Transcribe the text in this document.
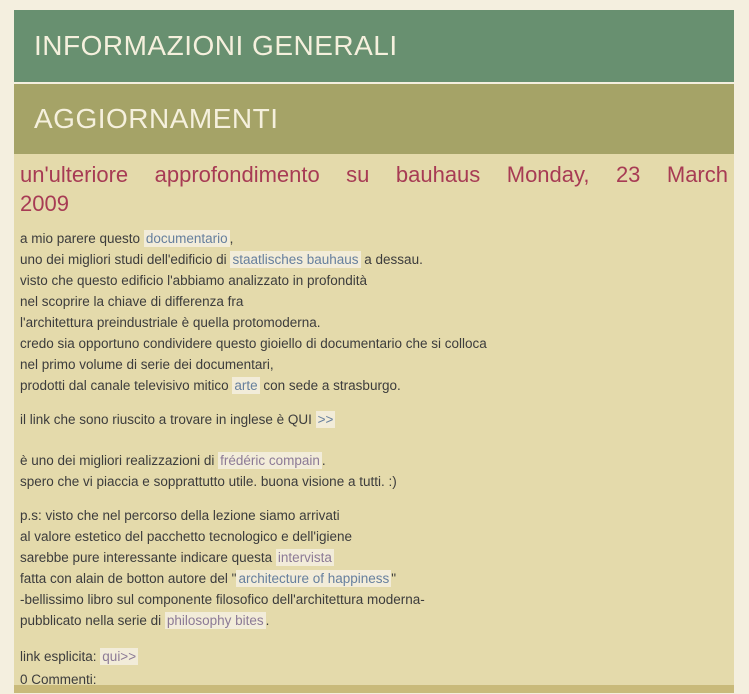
INFORMAZIONI GENERALI
AGGIORNAMENTI
un'ulteriore approfondimento su bauhaus Monday, 23 March
2009
a mio parere questo documentario ,
uno dei migliori studi dell'edificio di staatlisches bauhaus a dessau.
visto che questo edificio l'abbiamo analizzato in profondità
nel scoprire la chiave di differenza fra
l'architettura preindustriale è quella protomoderna.
credo sia opportuno condividere questo gioiello di documentario che si colloca
nel primo volume di serie dei documentari,
prodotti dal canale televisivo mitico arte con sede a strasburgo.
il link che sono riuscito a trovare in inglese è QUI >>
è uno dei migliori realizzazioni di frédéric compain .
spero che vi piaccia e sopprattutto utile. buona visione a tutti. :)
p.s: visto che nel percorso della lezione siamo arrivati
al valore estetico del pacchetto tecnologico e dell'igiene
sarebbe pure interessante indicare questa intervista
fatta con alain de botton autore del " architecture of happiness "
-bellissimo libro sul componente filosofico dell'architettura moderna-
pubblicato nella serie di philosophy bites .
link esplicita: qui>>
0 Commenti:
